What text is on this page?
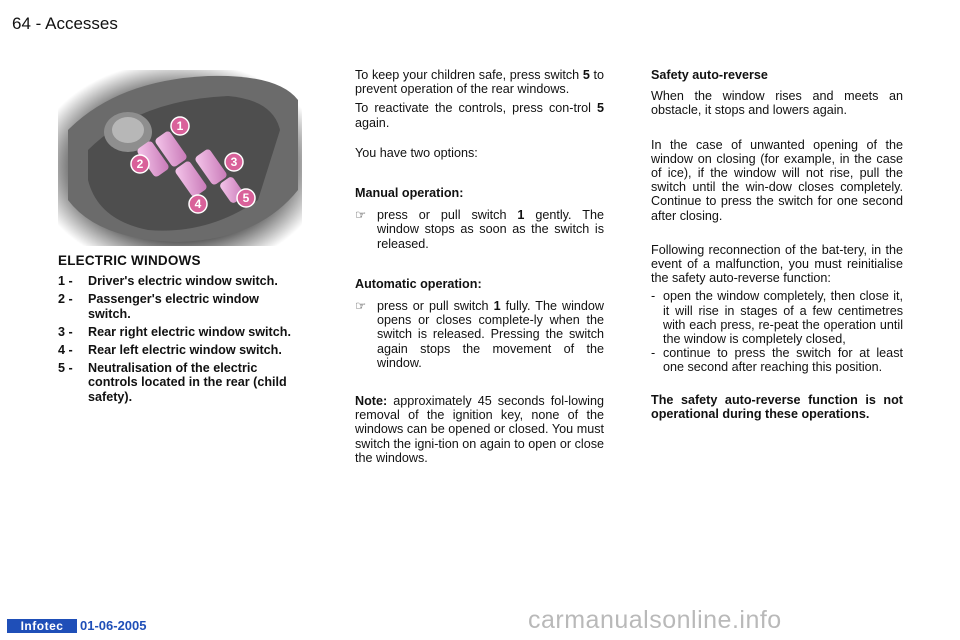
64 - Accesses
1
2	3
4	5
ELECTRIC WINDOWS
1 -	Driver's electric window switch.
2 -	Passenger's electric window switch.
3 -	Rear right electric window switch.
4 -	Rear left electric window switch.
5 -	Neutralisation of the electric controls located in the rear (child safety).

To keep your children safe, press switch 5 to prevent operation of the rear windows.

To reactivate the controls, press con-trol 5 again.

You have two options:

Manual operation:

☞ press or pull switch 1 gently. The window stops as soon as the switch is released.

Automatic operation:

☞ press or pull switch 1 fully. The window opens or closes complete-ly when the switch is released. Pressing the switch again stops the movement of the window.

Note: approximately 45 seconds fol-lowing removal of the ignition key, none of the windows can be opened or closed. You must switch the igni-tion on again to open or close the windows.

Safety auto-reverse

When the window rises and meets an obstacle, it stops and lowers again.

In the case of unwanted opening of the window on closing (for example, in the case of ice), if the window will not rise, pull the switch until the win-dow closes completely. Continue to press the switch for one second after closing.

Following reconnection of the bat-tery, in the event of a malfunction, you must reinitialise the safety auto-reverse function:

- open the window completely, then close it, it will rise in stages of a few centimetres with each press, re-peat the operation until the window is completely closed,
- continue to press the switch for at least one second after reaching this position.

The safety auto-reverse function is not operational during these operations.

Infotec	01-06-2005	carmanualsonline.info
